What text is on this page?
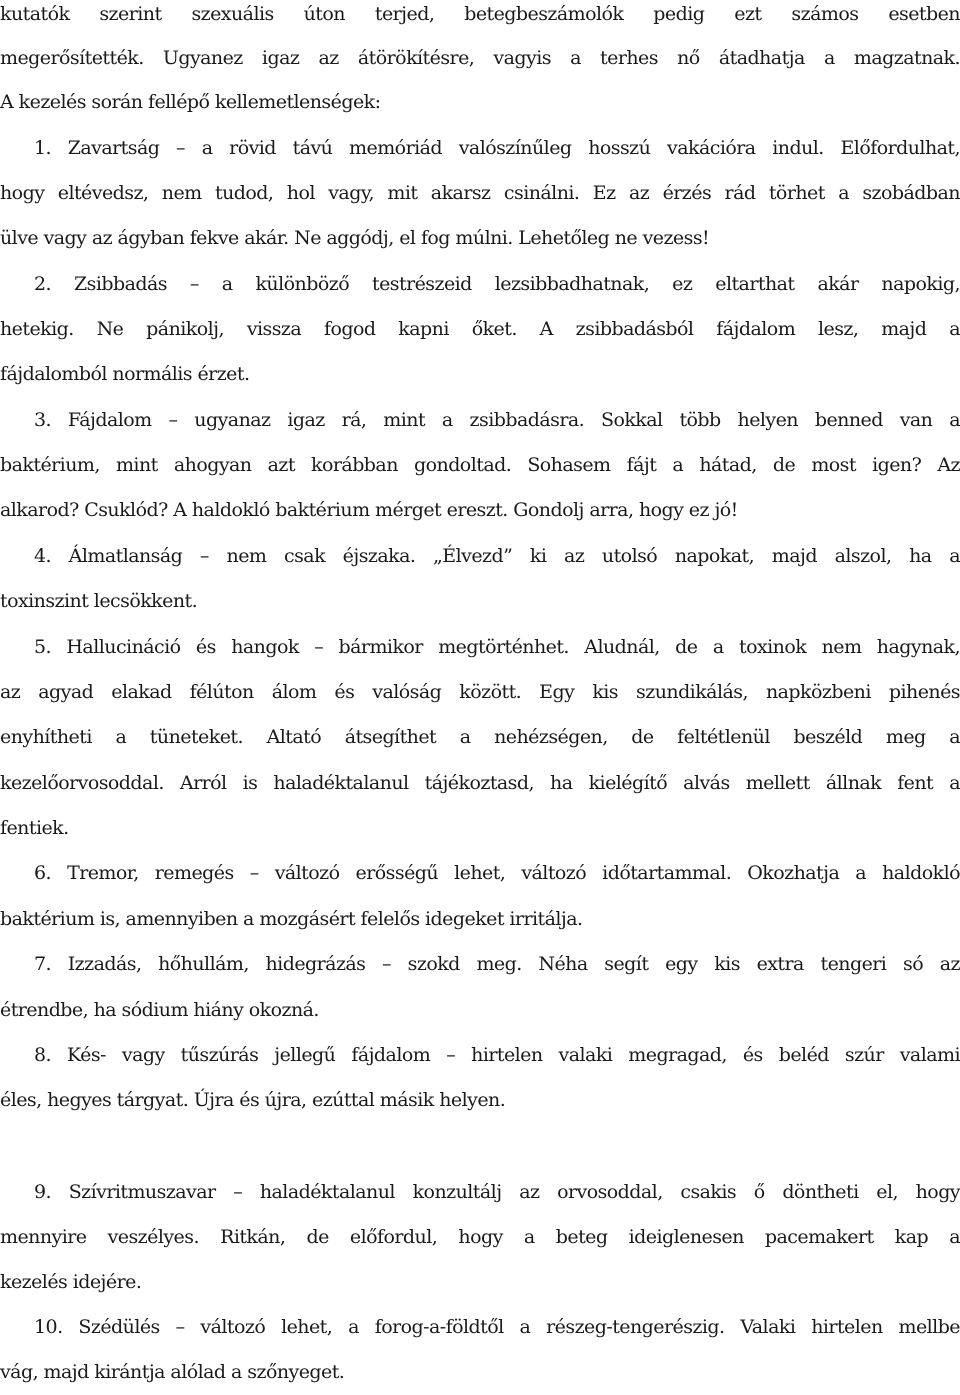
kutatók szerint szexuális úton terjed, betegbeszámolók pedig ezt számos esetben
megerősítették. Ugyanez igaz az átörökítésre, vagyis a terhes nő átadhatja a magzatnak.
A kezelés során fellépő kellemetlenségek:
1. Zavartság – a rövid távú memóriád valószínűleg hosszú vakációra indul. Előfordulhat,
hogy eltévedsz, nem tudod, hol vagy, mit akarsz csinálni. Ez az érzés rád törhet a szobádban
ülve vagy az ágyban fekve akár. Ne aggódj, el fog múlni. Lehetőleg ne vezess!
2. Zsibbadás – a különböző testrészeid lezsibbadhatnak, ez eltarthat akár napokig,
hetekig. Ne pánikolj, vissza fogod kapni őket. A zsibbadásból fájdalom lesz, majd a
fájdalomból normális érzet.
3. Fájdalom – ugyanaz igaz rá, mint a zsibbadásra. Sokkal több helyen benned van a
baktérium, mint ahogyan azt korábban gondoltad. Sohasem fájt a hátad, de most igen? Az
alkarod? Csuklód? A haldokló baktérium mérget ereszt. Gondolj arra, hogy ez jó!
4. Álmatlanság – nem csak éjszaka. „Élvezd” ki az utolsó napokat, majd alszol, ha a
toxinszint lecsökkent.
5. Hallucináció és hangok – bármikor megtörténhet. Aludnál, de a toxinok nem hagynak,
az agyad elakad félúton álom és valóság között. Egy kis szundikálás, napközbeni pihenés
enyhítheti a tüneteket. Altató átsegíthet a nehézségen, de feltétlenül beszéld meg a
kezelőorvosoddal. Arról is haladéktalanul tájékoztasd, ha kielégítő alvás mellett állnak fent a
fentiek.
6. Tremor, remegés – változó erősségű lehet, változó időtartammal. Okozhatja a haldokló
baktérium is, amennyiben a mozgásért felelős idegeket irritálja.
7. Izzadás, hőhullám, hidegrázás – szokd meg. Néha segít egy kis extra tengeri só az
étrendbe, ha sódium hiány okozná.
8. Kés- vagy tűszúrás jellegű fájdalom – hirtelen valaki megragad, és beléd szúr valami
éles, hegyes tárgyat. Újra és újra, ezúttal másik helyen.
9. Szívritmuszavar – haladéktalanul konzultálj az orvosoddal, csakis ő döntheti el, hogy
mennyire veszélyes. Ritkán, de előfordul, hogy a beteg ideiglenesen pacemakert kap a
kezelés idejére.
10. Szédülés – változó lehet, a forog-a-földtől a részeg-tengerészig. Valaki hirtelen mellbe
vág, majd kirántja alólad a szőnyeget.
